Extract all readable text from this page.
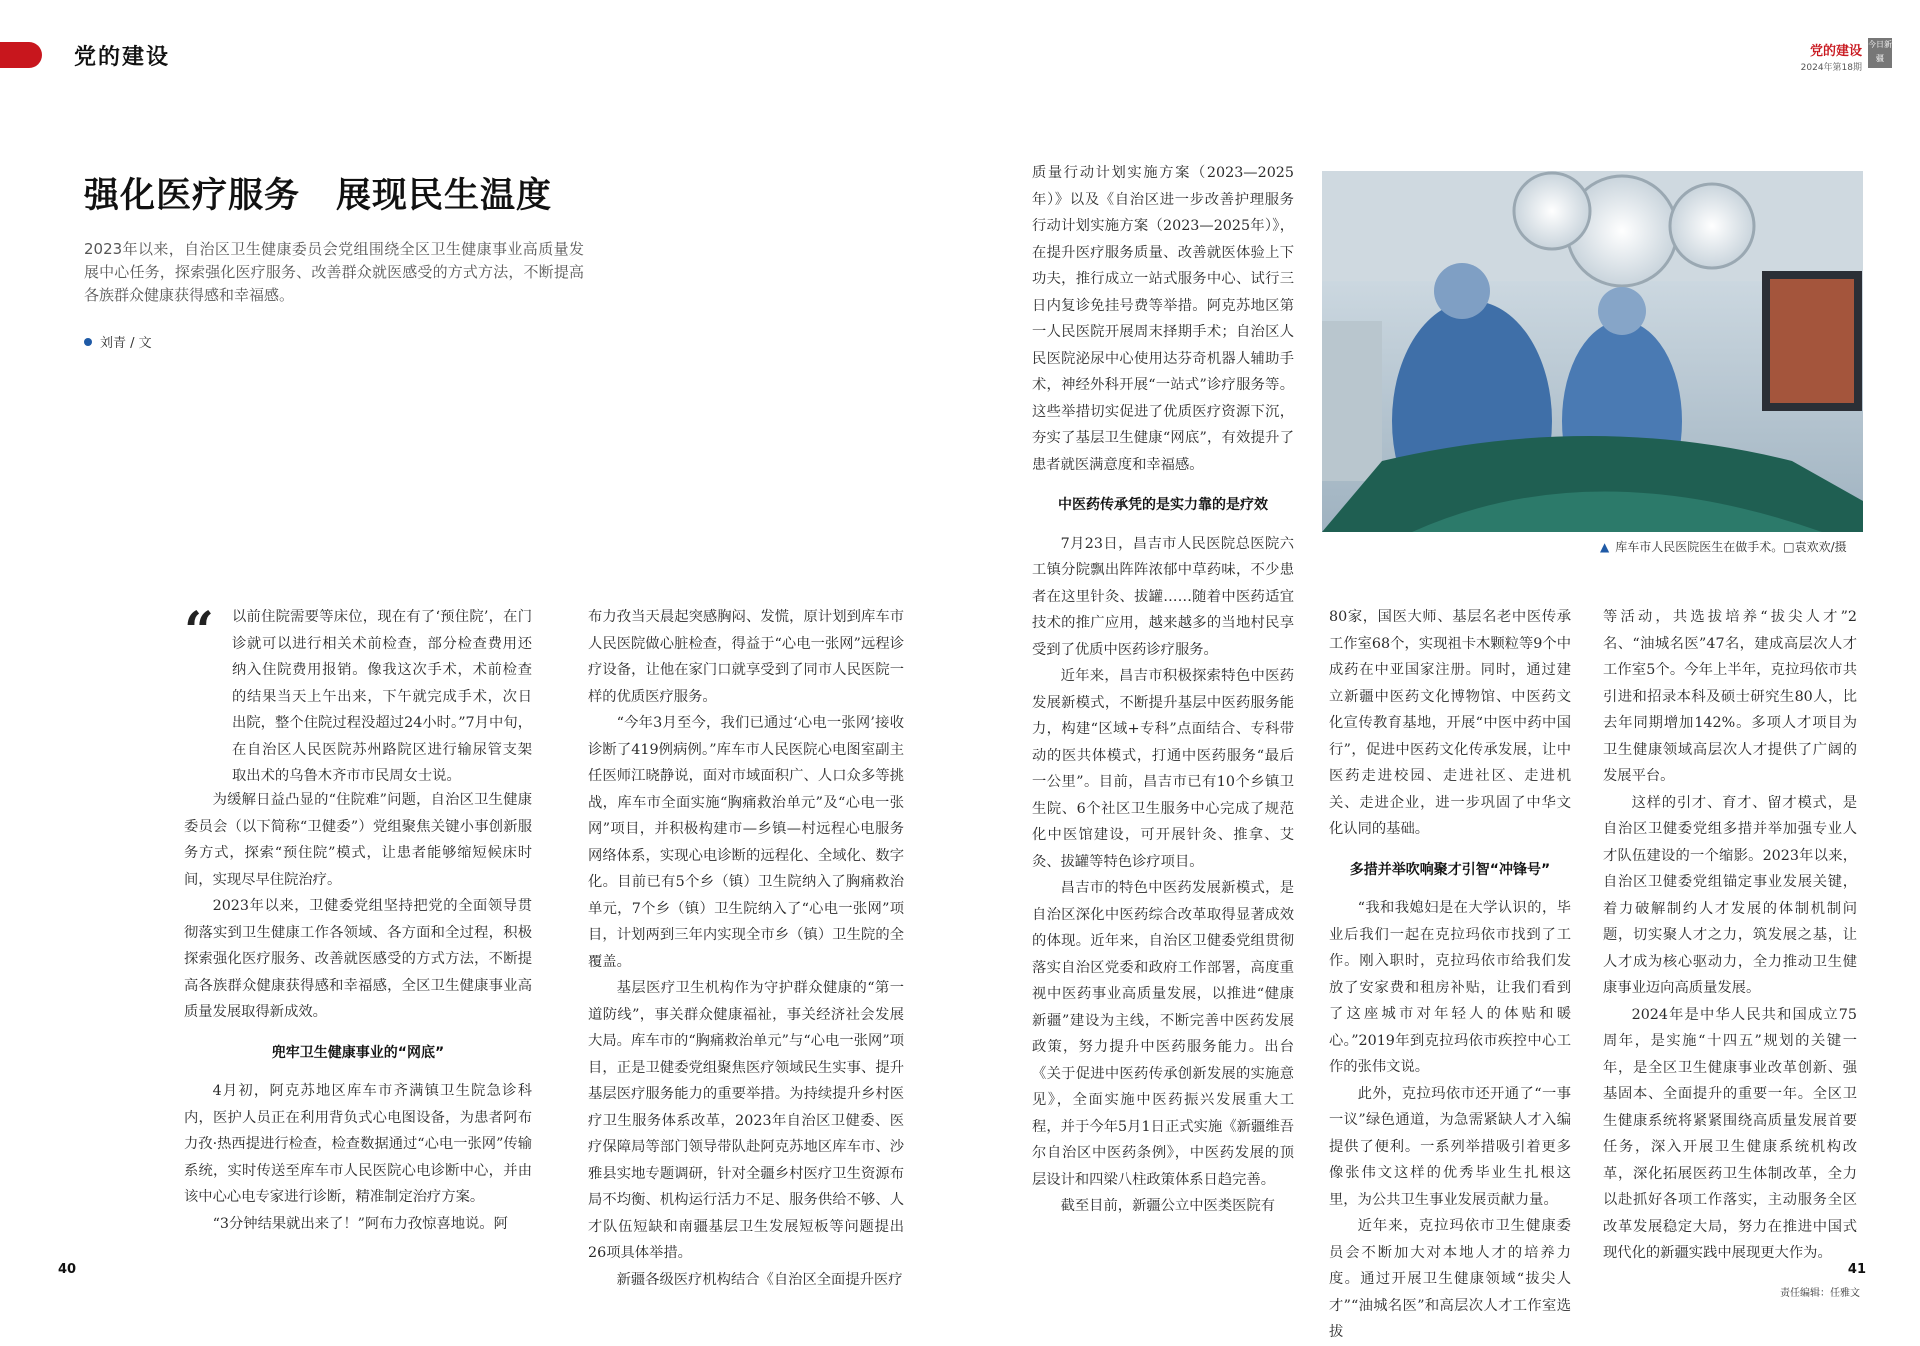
党的建设	党的建设
2024年第18期
今日新疆
强化医疗服务　展现民生温度
2023年以来，自治区卫生健康委员会党组围绕全区卫生健康事业高质量发展中心任务，探索强化医疗服务、改善群众就医感受的方式方法，不断提高各族群众健康获得感和幸福感。
刘青 / 文
“ 以前住院需要等床位，现在有了‘预住院’，在门诊就可以进行相关术前检查，部分检查费用还纳入住院费用报销。像我这次手术，术前检查的结果当天上午出来，下午就完成手术，次日出院，整个住院过程没超过24小时。”7月中旬，在自治区人民医院苏州路院区进行输尿管支架取出术的乌鲁木齐市市民周女士说。

为缓解日益凸显的“住院难”问题，自治区卫生健康委员会（以下简称“卫健委”）党组聚焦关键小事创新服务方式，探索“预住院”模式，让患者能够缩短候床时间，实现尽早住院治疗。

2023年以来，卫健委党组坚持把党的全面领导贯彻落实到卫生健康工作各领域、各方面和全过程，积极探索强化医疗服务、改善就医感受的方式方法，不断提高各族群众健康获得感和幸福感，全区卫生健康事业高质量发展取得新成效。

兜牢卫生健康事业的“网底”

4月初，阿克苏地区库车市齐满镇卫生院急诊科内，医护人员正在利用背负式心电图设备，为患者阿布力孜·热西提进行检查，检查数据通过“心电一张网”传输系统，实时传送至库车市人民医院心电诊断中心，并由该中心心电专家进行诊断，精准制定治疗方案。

“3分钟结果就出来了！”阿布力孜惊喜地说。阿

布力孜当天晨起突感胸闷、发慌，原计划到库车市人民医院做心脏检查，得益于“心电一张网”远程诊疗设备，让他在家门口就享受到了同市人民医院一样的优质医疗服务。

“今年3月至今，我们已通过‘心电一张网’接收诊断了419例病例。”库车市人民医院心电图室副主任医师江晓静说，面对市域面积广、人口众多等挑战，库车市全面实施“胸痛救治单元”及“心电一张网”项目，并积极构建市—乡镇—村远程心电服务网络体系，实现心电诊断的远程化、全域化、数字化。目前已有5个乡（镇）卫生院纳入了胸痛救治单元，7个乡（镇）卫生院纳入了“心电一张网”项目，计划两到三年内实现全市乡（镇）卫生院的全覆盖。

基层医疗卫生机构作为守护群众健康的“第一道防线”，事关群众健康福祉，事关经济社会发展大局。库车市的“胸痛救治单元”与“心电一张网”项目，正是卫健委党组聚焦医疗领域民生实事、提升基层医疗服务能力的重要举措。为持续提升乡村医疗卫生服务体系改革，2023年自治区卫健委、医疗保障局等部门领导带队赴阿克苏地区库车市、沙雅县实地专题调研，针对全疆乡村医疗卫生资源布局不均衡、机构运行活力不足、服务供给不够、人才队伍短缺和南疆基层卫生发展短板等问题提出26项具体举措。

新疆各级医疗机构结合《自治区全面提升医疗

质量行动计划实施方案（2023—2025年）》以及《自治区进一步改善护理服务行动计划实施方案（2023—2025年）》，在提升医疗服务质量、改善就医体验上下功夫，推行成立一站式服务中心、试行三日内复诊免挂号费等举措。阿克苏地区第一人民医院开展周末择期手术；自治区人民医院泌尿中心使用达芬奇机器人辅助手术，神经外科开展“一站式”诊疗服务等。这些举措切实促进了优质医疗资源下沉，夯实了基层卫生健康“网底”，有效提升了患者就医满意度和幸福感。

中医药传承凭的是实力靠的是疗效

7月23日，昌吉市人民医院总医院六工镇分院飘出阵阵浓郁中草药味，不少患者在这里针灸、拔罐……随着中医药适宜技术的推广应用，越来越多的当地村民享受到了优质中医药诊疗服务。

近年来，昌吉市积极探索特色中医药发展新模式，不断提升基层中医药服务能力，构建“区域+专科”点面结合、专科带动的医共体模式，打通中医药服务“最后一公里”。目前，昌吉市已有10个乡镇卫生院、6个社区卫生服务中心完成了规范化中医馆建设，可开展针灸、推拿、艾灸、拔罐等特色诊疗项目。

昌吉市的特色中医药发展新模式，是自治区深化中医药综合改革取得显著成效的体现。近年来，自治区卫健委党组贯彻落实自治区党委和政府工作部署，高度重视中医药事业高质量发展，以推进“健康新疆”建设为主线，不断完善中医药发展政策，努力提升中医药服务能力。出台《关于促进中医药传承创新发展的实施意见》，全面实施中医药振兴发展重大工程，并于今年5月1日正式实施《新疆维吾尔自治区中医药条例》，中医药发展的顶层设计和四梁八柱政策体系日趋完善。

截至目前，新疆公立中医类医院有

▲ 库车市人民医院医生在做手术。□袁欢欢/摄

80家，国医大师、基层名老中医传承工作室68个，实现祖卡木颗粒等9个中成药在中亚国家注册。同时，通过建立新疆中医药文化博物馆、中医药文化宣传教育基地，开展“中医中药中国行”，促进中医药文化传承发展，让中医药走进校园、走进社区、走进机关、走进企业，进一步巩固了中华文化认同的基础。

多措并举吹响聚才引智“冲锋号”

“我和我媳妇是在大学认识的，毕业后我们一起在克拉玛依市找到了工作。刚入职时，克拉玛依市给我们发放了安家费和租房补贴，让我们看到了这座城市对年轻人的体贴和暖心。”2019年到克拉玛依市疾控中心工作的张伟文说。

此外，克拉玛依市还开通了“一事一议”绿色通道，为急需紧缺人才入编提供了便利。一系列举措吸引着更多像张伟文这样的优秀毕业生扎根这里，为公共卫生事业发展贡献力量。

近年来，克拉玛依市卫生健康委员会不断加大对本地人才的培养力度。通过开展卫生健康领域“拔尖人才”“油城名医”和高层次人才工作室选拔

等活动，共选拔培养“拔尖人才”2名、“油城名医”47名，建成高层次人才工作室5个。今年上半年，克拉玛依市共引进和招录本科及硕士研究生80人，比去年同期增加142%。多项人才项目为卫生健康领域高层次人才提供了广阔的发展平台。

这样的引才、育才、留才模式，是自治区卫健委党组多措并举加强专业人才队伍建设的一个缩影。2023年以来，自治区卫健委党组锚定事业发展关键，着力破解制约人才发展的体制机制问题，切实聚人才之力，筑发展之基，让人才成为核心驱动力，全力推动卫生健康事业迈向高质量发展。

2024年是中华人民共和国成立75周年，是实施“十四五”规划的关键一年，是全区卫生健康事业改革创新、强基固本、全面提升的重要一年。全区卫生健康系统将紧紧围绕高质量发展首要任务，深入开展卫生健康系统机构改革，深化拓展医药卫生体制改革，全力以赴抓好各项工作落实，主动服务全区改革发展稳定大局，努力在推进中国式现代化的新疆实践中展现更大作为。

40	41
责任编辑：任雅文
